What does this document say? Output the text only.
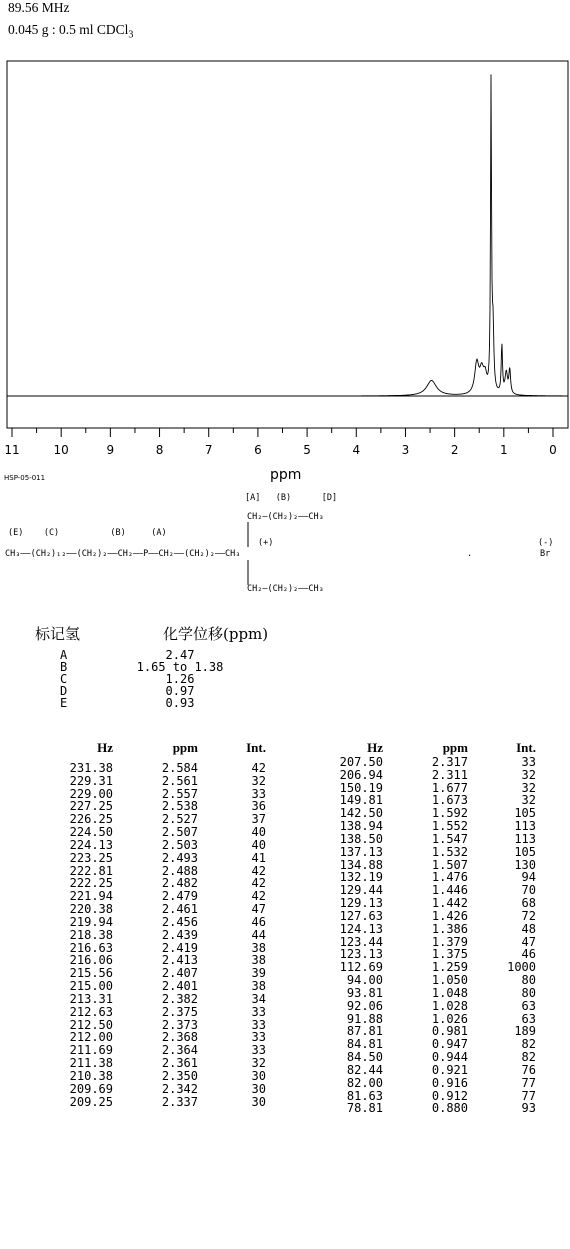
89.56 MHz
0.045 g : 0.5 ml CDCl$_3$
11	10	9	8	7	6	5	4	3	2	1	0
ppm
HSP-05-011
[A]   (B)      [D]
CH₂—(CH₂)₂——CH₃
(E)    (C)          (B)     (A)
(+)
CH₃——(CH₂)₁₂——(CH₂)₂——CH₂——P——CH₂——(CH₂)₂——CH₃	.
(-)
Br
CH₂—(CH₂)₂——CH₃
标记氢	化学位移(ppm)
A	2.47
B	1.65 to 1.38
C	1.26
D	0.97
E	0.93
Hz	ppm	Int.
231.38	2.584	42
229.31	2.561	32
229.00	2.557	33
227.25	2.538	36
226.25	2.527	37
224.50	2.507	40
224.13	2.503	40
223.25	2.493	41
222.81	2.488	42
222.25	2.482	42
221.94	2.479	42
220.38	2.461	47
219.94	2.456	46
218.38	2.439	44
216.63	2.419	38
216.06	2.413	38
215.56	2.407	39
215.00	2.401	38
213.31	2.382	34
212.63	2.375	33
212.50	2.373	33
212.00	2.368	33
211.69	2.364	33
211.38	2.361	32
210.38	2.350	30
209.69	2.342	30
209.25	2.337	30
Hz	ppm	Int.
207.50	2.317	33
206.94	2.311	32
150.19	1.677	32
149.81	1.673	32
142.50	1.592	105
138.94	1.552	113
138.50	1.547	113
137.13	1.532	105
134.88	1.507	130
132.19	1.476	94
129.44	1.446	70
129.13	1.442	68
127.63	1.426	72
124.13	1.386	48
123.44	1.379	47
123.13	1.375	46
112.69	1.259	1000
94.00	1.050	80
93.81	1.048	80
92.06	1.028	63
91.88	1.026	63
87.81	0.981	189
84.81	0.947	82
84.50	0.944	82
82.44	0.921	76
82.00	0.916	77
81.63	0.912	77
78.81	0.880	93
